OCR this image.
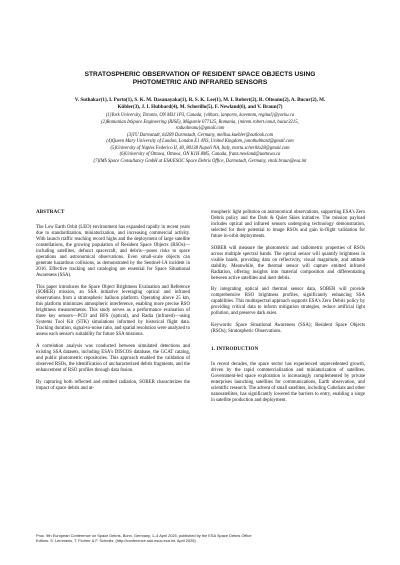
STRATOSPHERIC OBSERVATION OF RESIDENT SPACE OBJECTS USING
PHOTOMETRIC AND INFRARED SENSORS
V. Suthakar(1), I. Porto(1), S. K. M. Dasanayaka(1), R. S. K. Lee(1), M. I. Robert(2), R. Olteanu(2), A. Bucur(2), M.
Kübler(3), J. I. Hubbard(4), M. Scherillo(5), F. Newland(6), and V. Braun(7)
(1)York University, Toronto, ON M3J 1P3, Canada, {vithurs, ianporto, kavennm, reginal}@yorku.ca
(2)Romanian InSpace Engineering (RISE), Măgurele 077125, Romania, {mirem.robert.ionut, bucur3215,
raduolteanu}@gmail.com
(3)TU Darmstadt, 64289 Darmstadt, Germany, mellisa.kuebler@outlook.com
(4)Queen Mary University of London, London E1 4NS, United Kingdom, jonothubbard@gmail.com
(5)University of Naples Federico II, 40, 80138 Napoli NA, Italy, marta.scherillo28@gmail.com
(6)University of Ottawa, Ottawa, ON K1H 8M5, Canada, franz.newland@uottawa.ca
(7)IMS Space Consultancy GmbH at ESA/ESOC Space Debris Office, Darmstadt, Germany, vitali.braun@esa.int
ABSTRACT

The Low Earth Orbit (LEO) environment has expanded rapidly in recent years due to standardization, miniaturization, and increasing commercial activity. With launch traffic reaching record highs and the deployment of large satellite constellations, the growing population of Resident Space Objects (RSOs)—including satellites, defunct spacecraft, and debris—poses risks to space operations and astronomical observations. Even small-scale objects can generate hazardous collisions, as demonstrated by the Sentinel-1A incident in 2016. Effective tracking and cataloging are essential for Space Situational Awareness (SSA).

This paper introduces the Space Object Brightness Evaluation and Reference (SOBER) mission, an SSA initiative leveraging optical and infrared observations from a stratospheric balloon platform. Operating above 25 km, this platform minimizes atmospheric interference, enabling more precise RSO brightness measurements. This study serves as a performance evaluation of three key sensors—PCO and BFS (optical), and Radia (infrared)—using Systems Tool Kit (STK) simulations informed by historical flight data. Tracking duration, signal-to-noise ratio, and spatial resolution were analyzed to assess each sensor's suitability for future SSA missions.

A correlation analysis was conducted between simulated detections and existing SSA datasets, including ESA's DISCOS database, the GCAT catalog, and public photometric repositories. This approach enabled the validation of observed RSOs, the identification of uncharacterized debris fragments, and the enhancement of RSO profiles through data fusion.

By capturing both reflected and emitted radiation, SOBER characterizes the impact of space debris and at-

mospheric light pollution on astronomical observations, supporting ESA's Zero Debris policy and the Dark & Quiet Skies initiative. The mission payload includes optical and infrared sensors undergoing technology demonstration, selected for their potential to image RSOs and gain in-flight validation for future in-orbit deployments.

SOBER will measure the photometric and radiometric properties of RSOs across multiple spectral bands. The optical sensor will quantify brightness in visible bands, providing data on reflectivity, visual magnitude, and attitude stability. Meanwhile, the thermal sensor will capture emitted infrared Radiation, offering insights into material composition and differentiating between active satellites and inert debris.

By integrating optical and thermal sensor data, SOBER will provide comprehensive RSO brightness profiles, significantly enhancing SSA capabilities. This multispectral approach supports ESA's Zero Debris policy by providing critical data to inform mitigation strategies, reduce artificial light pollution, and preserve dark skies.

Keywords: Space Situational Awareness (SSA); Resident Space Objects (RSOs); Stratospheric Observations.

1. INTRODUCTION

In recent decades, the space sector has experienced unprecedented growth, driven by the rapid commercialization and miniaturization of satellites. Government-led space exploration is increasingly complemented by private enterprises launching satellites for communications, Earth observation, and scientific research. The advent of small satellites, including CubeSats and other nanosatellites, has significantly lowered the barriers to entry, enabling a surge in satellite production and deployment.

Proc. 9th European Conference on Space Debris, Bonn, Germany, 1–4 April 2025, published by the ESA Space Debris Office
Editors: S. Lemmens, T. Flohrer & F. Schmitz, (http://conference.sdo.esoc.esa.int, April 2025)
